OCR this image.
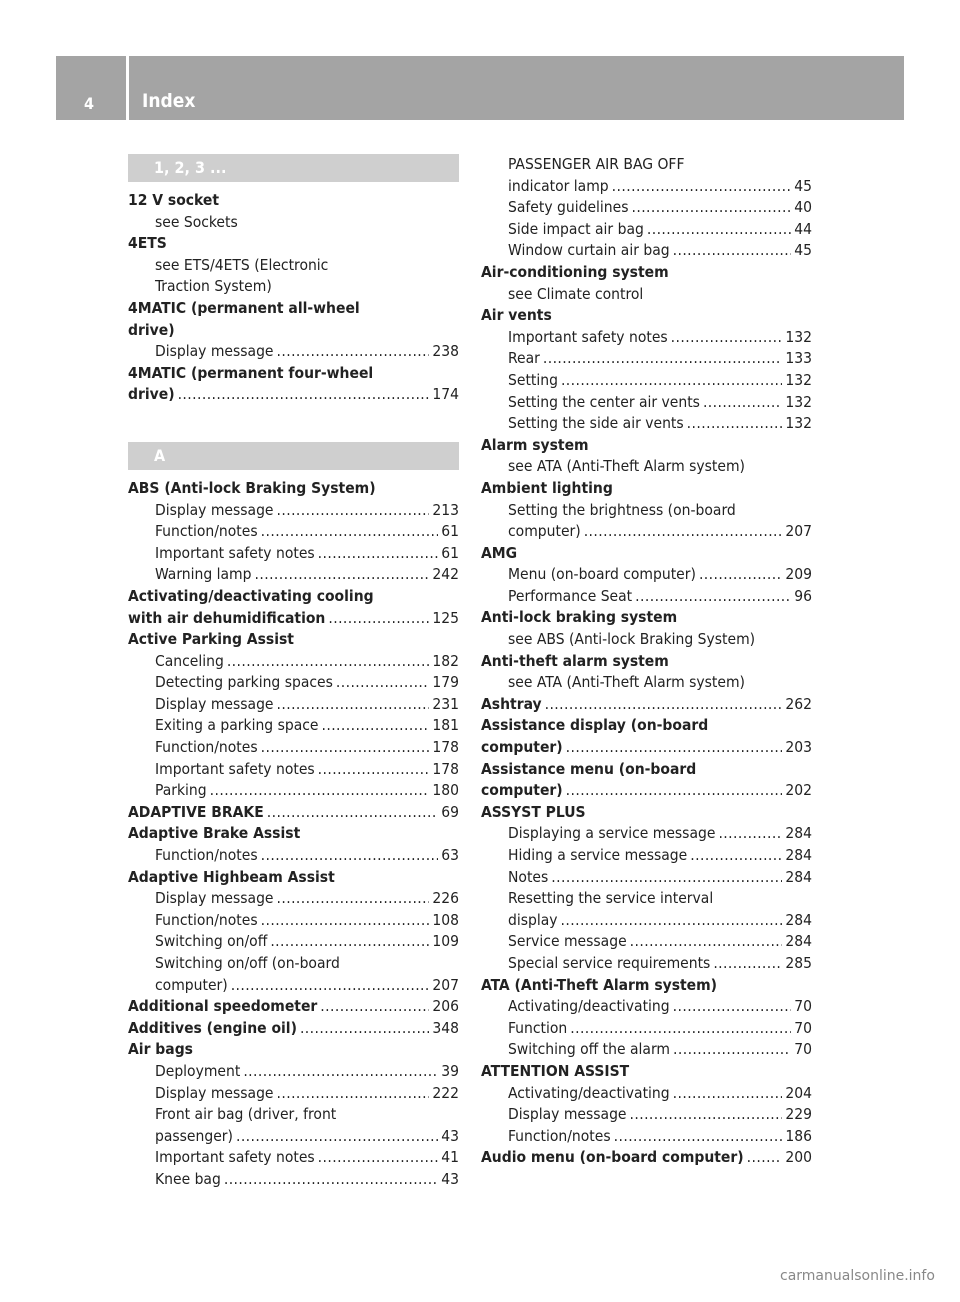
4	Index
1, 2, 3 ...
12 V socket
see Sockets
4ETS
see ETS/4ETS (Electronic
Traction System)
4MATIC (permanent all-wheel
drive)
Display message . . .	238
4MATIC (permanent four-wheel
drive) . . .	174
A
ABS (Anti-lock Braking System)
Display message . . .	213
Function/notes . . .	61
Important safety notes . . .	61
Warning lamp . . .	242
Activating/deactivating cooling
with air dehumidification . . .	125
Active Parking Assist
Canceling . . .	182
Detecting parking spaces . . .	179
Display message . . .	231
Exiting a parking space . . .	181
Function/notes . . .	178
Important safety notes . . .	178
Parking . . .	180
ADAPTIVE BRAKE . . .	69
Adaptive Brake Assist
Function/notes . . .	63
Adaptive Highbeam Assist
Display message . . .	226
Function/notes . . .	108
Switching on/off . . .	109
Switching on/off (on-board
computer) . . .	207
Additional speedometer . . .	206
Additives (engine oil) . . .	348
Air bags
Deployment . . .	39
Display message . . .	222
Front air bag (driver, front
passenger) . . .	43
Important safety notes . . .	41
Knee bag . . .	43
PASSENGER AIR BAG OFF
indicator lamp . . .	45
Safety guidelines . . .	40
Side impact air bag . . .	44
Window curtain air bag . . .	45
Air-conditioning system
see Climate control
Air vents
Important safety notes . . .	132
Rear . . .	133
Setting . . .	132
Setting the center air vents . . .	132
Setting the side air vents . . .	132
Alarm system
see ATA (Anti-Theft Alarm system)
Ambient lighting
Setting the brightness (on-board
computer) . . .	207
AMG
Menu (on-board computer) . . .	209
Performance Seat . . .	96
Anti-lock braking system
see ABS (Anti-lock Braking System)
Anti-theft alarm system
see ATA (Anti-Theft Alarm system)
Ashtray . . .	262
Assistance display (on-board
computer) . . .	203
Assistance menu (on-board
computer) . . .	202
ASSYST PLUS
Displaying a service message . . .	284
Hiding a service message . . .	284
Notes . . .	284
Resetting the service interval
display . . .	284
Service message . . .	284
Special service requirements . . .	285
ATA (Anti-Theft Alarm system)
Activating/deactivating . . .	70
Function . . .	70
Switching off the alarm . . .	70
ATTENTION ASSIST
Activating/deactivating . . .	204
Display message . . .	229
Function/notes . . .	186
Audio menu (on-board computer) . . .	200
carmanualsonline.info
